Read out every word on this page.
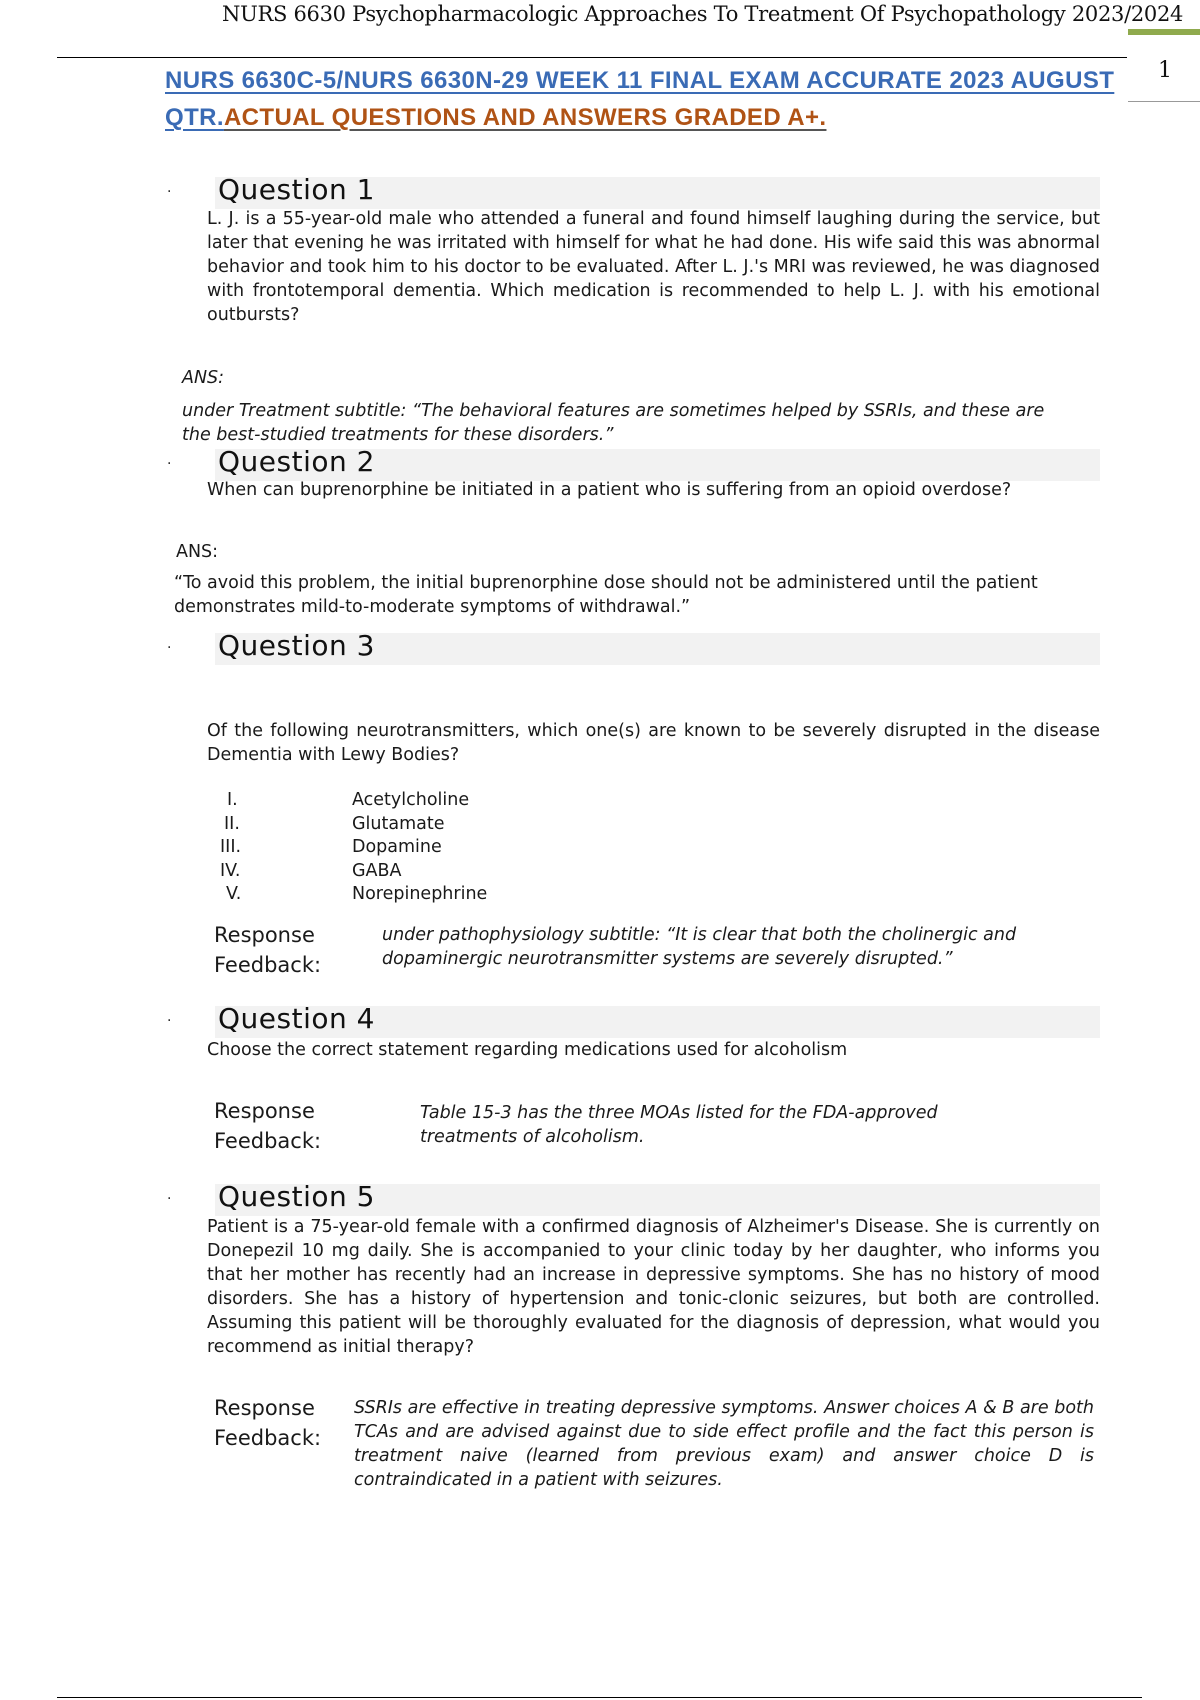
NURS 6630 Psychopharmacologic Approaches To Treatment Of Psychopathology 2023/2024
1
NURS 6630C-5/NURS 6630N-29 WEEK 11 FINAL EXAM ACCURATE 2023 AUGUST QTR.ACTUAL QUESTIONS AND ANSWERS GRADED A+.
· Question 1
L. J. is a 55-year-old male who attended a funeral and found himself laughing during the service, but later that evening he was irritated with himself for what he had done. His wife said this was abnormal behavior and took him to his doctor to be evaluated. After L. J.'s MRI was reviewed, he was diagnosed with frontotemporal dementia. Which medication is recommended to help L. J. with his emotional outbursts?
ANS:
under Treatment subtitle: “The behavioral features are sometimes helped by SSRIs, and these are the best-studied treatments for these disorders.”
· Question 2
When can buprenorphine be initiated in a patient who is suffering from an opioid overdose?
ANS:
“To avoid this problem, the initial buprenorphine dose should not be administered until the patient demonstrates mild-to-moderate symptoms of withdrawal.”
· Question 3
Of the following neurotransmitters, which one(s) are known to be severely disrupted in the disease Dementia with Lewy Bodies?
I.	Acetylcholine
II.	Glutamate
III.	Dopamine
IV.	GABA
V.	Norepinephrine
Response
Feedback:
under pathophysiology subtitle: “It is clear that both the cholinergic and dopaminergic neurotransmitter systems are severely disrupted.”
· Question 4
Choose the correct statement regarding medications used for alcoholism
Response
Feedback:
Table 15-3 has the three MOAs listed for the FDA-approved treatments of alcoholism.
· Question 5
Patient is a 75-year-old female with a confirmed diagnosis of Alzheimer's Disease. She is currently on Donepezil 10 mg daily. She is accompanied to your clinic today by her daughter, who informs you that her mother has recently had an increase in depressive symptoms. She has no history of mood disorders. She has a history of hypertension and tonic-clonic seizures, but both are controlled. Assuming this patient will be thoroughly evaluated for the diagnosis of depression, what would you recommend as initial therapy?
Response
Feedback:
SSRIs are effective in treating depressive symptoms. Answer choices A & B are both TCAs and are advised against due to side effect profile and the fact this person is treatment naive (learned from previous exam) and answer choice D is contraindicated in a patient with seizures.
